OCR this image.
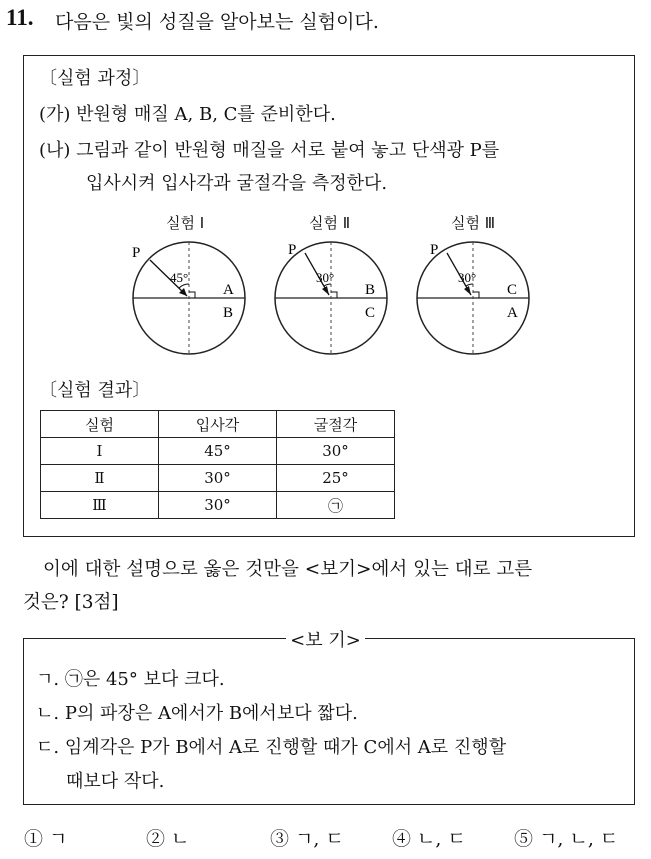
11. 다음은 빛의 성질을 알아보는 실험이다.
〔실험 과정〕
(가) 반원형 매질 A, B, C를 준비한다.
(나) 그림과 같이 반원형 매질을 서로 붙여 놓고 단색광 P를
입사시켜 입사각과 굴절각을 측정한다.
실험 Ⅰ
P
45°
A
B
실험 Ⅱ
P
30°
B
C
실험 Ⅲ
P
30°
C
A
〔실험 결과〕
실험	입사각	굴절각
Ⅰ	45°	30°
Ⅱ	30°	25°
Ⅲ	30°	㉠
이에 대한 설명으로 옳은 것만을 <보기>에서 있는 대로 고른
것은? [3점]
ㄱ. ㉠은 45° 보다 크다.
ㄴ. P의 파장은 A에서가 B에서보다 짧다.
ㄷ. 임계각은 P가 B에서 A로 진행할 때가 C에서 A로 진행할
때보다 작다.
<보 기>
① ㄱ	② ㄴ	③ ㄱ, ㄷ	④ ㄴ, ㄷ	⑤ ㄱ, ㄴ, ㄷ
